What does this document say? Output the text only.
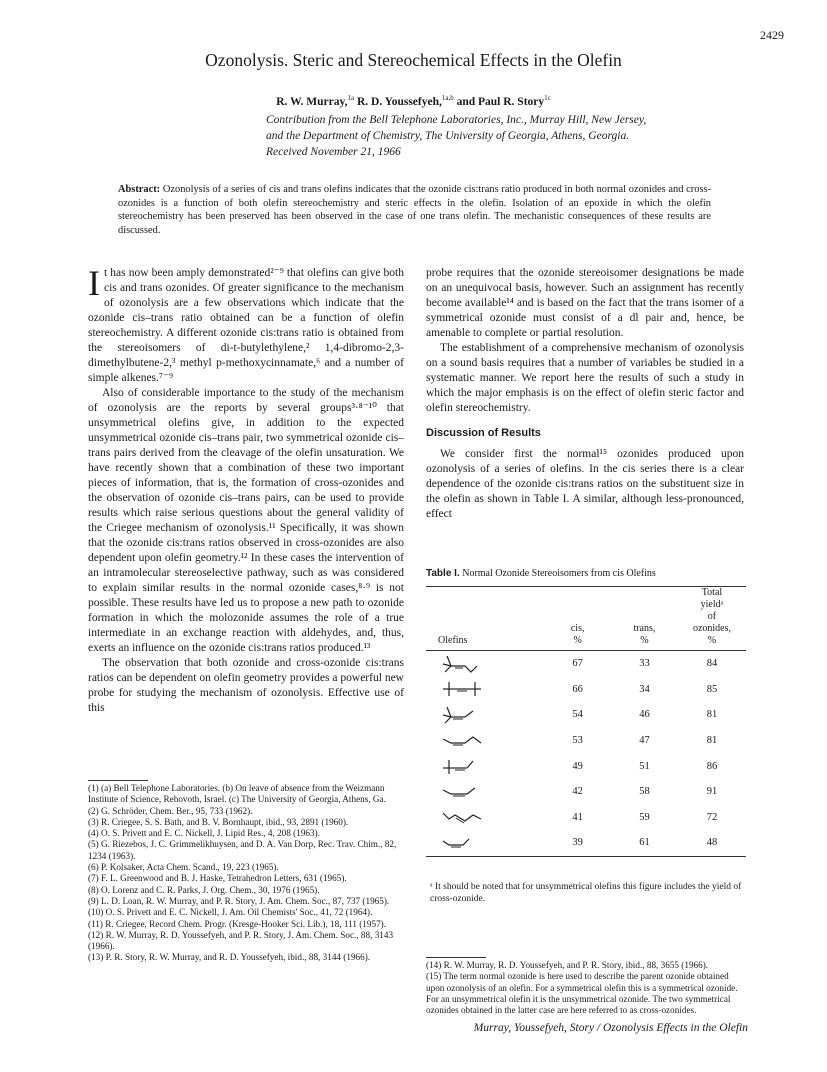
2429
Ozonolysis. Steric and Stereochemical Effects in the Olefin
R. W. Murray,$^{1a}$ R. D. Youssefyeh,$^{1a,b}$ and Paul R. Story$^{1c}$
Contribution from the Bell Telephone Laboratories, Inc., Murray Hill, New Jersey,
and the Department of Chemistry, The University of Georgia, Athens, Georgia.
Received November 21, 1966
Abstract: Ozonolysis of a series of cis and trans olefins indicates that the ozonide cis:trans ratio produced in both normal ozonides and cross-ozonides is a function of both olefin stereochemistry and steric effects in the olefin. Isolation of an epoxide in which the olefin stereochemistry has been preserved has been observed in the case of one trans olefin. The mechanistic consequences of these results are discussed.

It has now been amply demonstrated²⁻⁹ that olefins can give both cis and trans ozonides. Of greater significance to the mechanism of ozonolysis are a few observations which indicate that the ozonide cis–trans ratio obtained can be a function of olefin stereochemistry. A different ozonide cis:trans ratio is obtained from the stereoisomers of di-t-butylethylene,² 1,4-dibromo-2,3-dimethylbutene-2,³ methyl p-methoxycinnamate,⁶ and a number of simple alkenes.⁷⁻⁹

Also of considerable importance to the study of the mechanism of ozonolysis are the reports by several groups³·⁸⁻¹⁰ that unsymmetrical olefins give, in addition to the expected unsymmetrical ozonide cis–trans pair, two symmetrical ozonide cis–trans pairs derived from the cleavage of the olefin unsaturation. We have recently shown that a combination of these two important pieces of information, that is, the formation of cross-ozonides and the observation of ozonide cis–trans pairs, can be used to provide results which raise serious questions about the general validity of the Criegee mechanism of ozonolysis.¹¹ Specifically, it was shown that the ozonide cis:trans ratios observed in cross-ozonides are also dependent upon olefin geometry.¹² In these cases the intervention of an intramolecular stereoselective pathway, such as was considered to explain similar results in the normal ozonide cases,⁸·⁹ is not possible. These results have led us to propose a new path to ozonide formation in which the molozonide assumes the role of a true intermediate in an exchange reaction with aldehydes, and, thus, exerts an influence on the ozonide cis:trans ratios produced.¹³

The observation that both ozonide and cross-ozonide cis:trans ratios can be dependent on olefin geometry provides a powerful new probe for studying the mechanism of ozonolysis. Effective use of this

(1) (a) Bell Telephone Laboratories. (b) On leave of absence from the Weizmann Institute of Science, Rehovoth, Israel. (c) The University of Georgia, Athens, Ga.
(2) G. Schröder, Chem. Ber., 95, 733 (1962).
(3) R. Criegee, S. S. Bath, and B. V. Bornhaupt, ibid., 93, 2891 (1960).
(4) O. S. Privett and E. C. Nickell, J. Lipid Res., 4, 208 (1963).
(5) G. Riezebos, J. C. Grimmelikhuysen, and D. A. Van Dorp, Rec. Trav. Chim., 82, 1234 (1963).
(6) P. Kolsaker, Acta Chem. Scand., 19, 223 (1965).
(7) F. L. Greenwood and B. J. Haske, Tetrahedron Letters, 631 (1965).
(8) O. Lorenz and C. R. Parks, J. Org. Chem., 30, 1976 (1965).
(9) L. D. Loan, R. W. Murray, and P. R. Story, J. Am. Chem. Soc., 87, 737 (1965).
(10) O. S. Privett and E. C. Nickell, J. Am. Oil Chemists' Soc., 41, 72 (1964).
(11) R. Criegee, Record Chem. Progr. (Kresge-Hooker Sci. Lib.), 18, 111 (1957).
(12) R. W. Murray, R. D. Youssefyeh, and P. R. Story, J. Am. Chem. Soc., 88, 3143 (1966).
(13) P. R. Story, R. W. Murray, and R. D. Youssefyeh, ibid., 88, 3144 (1966).

probe requires that the ozonide stereoisomer designations be made on an unequivocal basis, however. Such an assignment has recently become available¹⁴ and is based on the fact that the trans isomer of a symmetrical ozonide must consist of a dl pair and, hence, be amenable to complete or partial resolution.

The establishment of a comprehensive mechanism of ozonolysis on a sound basis requires that a number of variables be studied in a systematic manner. We report here the results of such a study in which the major emphasis is on the effect of olefin steric factor and olefin stereochemistry.

Discussion of Results

We consider first the normal¹⁵ ozonides produced upon ozonolysis of a series of olefins. In the cis series there is a clear dependence of the ozonide cis:trans ratios on the substituent size in the olefin as shown in Table I. A similar, although less-pronounced, effect

Table I. Normal Ozonide Stereoisomers from cis Olefins
Olefins	cis,
%	trans,
%	Total
yieldᵃ
of
ozonides,
%

	67	33	84

	66	34	85

	54	46	81

	53	47	81

	49	51	86

	42	58	91

	41	59	72

	39	61	48
ᵃ It should be noted that for unsymmetrical olefins this figure includes the yield of cross-ozonide.
(14) R. W. Murray, R. D. Youssefyeh, and P. R. Story, ibid., 88, 3655 (1966).
(15) The term normal ozonide is here used to describe the parent ozonide obtained upon ozonolysis of an olefin. For a symmetrical olefin this is a symmetrical ozonide. For an unsymmetrical olefin it is the unsymmetrical ozonide. The two symmetrical ozonides obtained in the latter case are here referred to as cross-ozonides.
Murray, Youssefyeh, Story / Ozonolysis Effects in the Olefin
